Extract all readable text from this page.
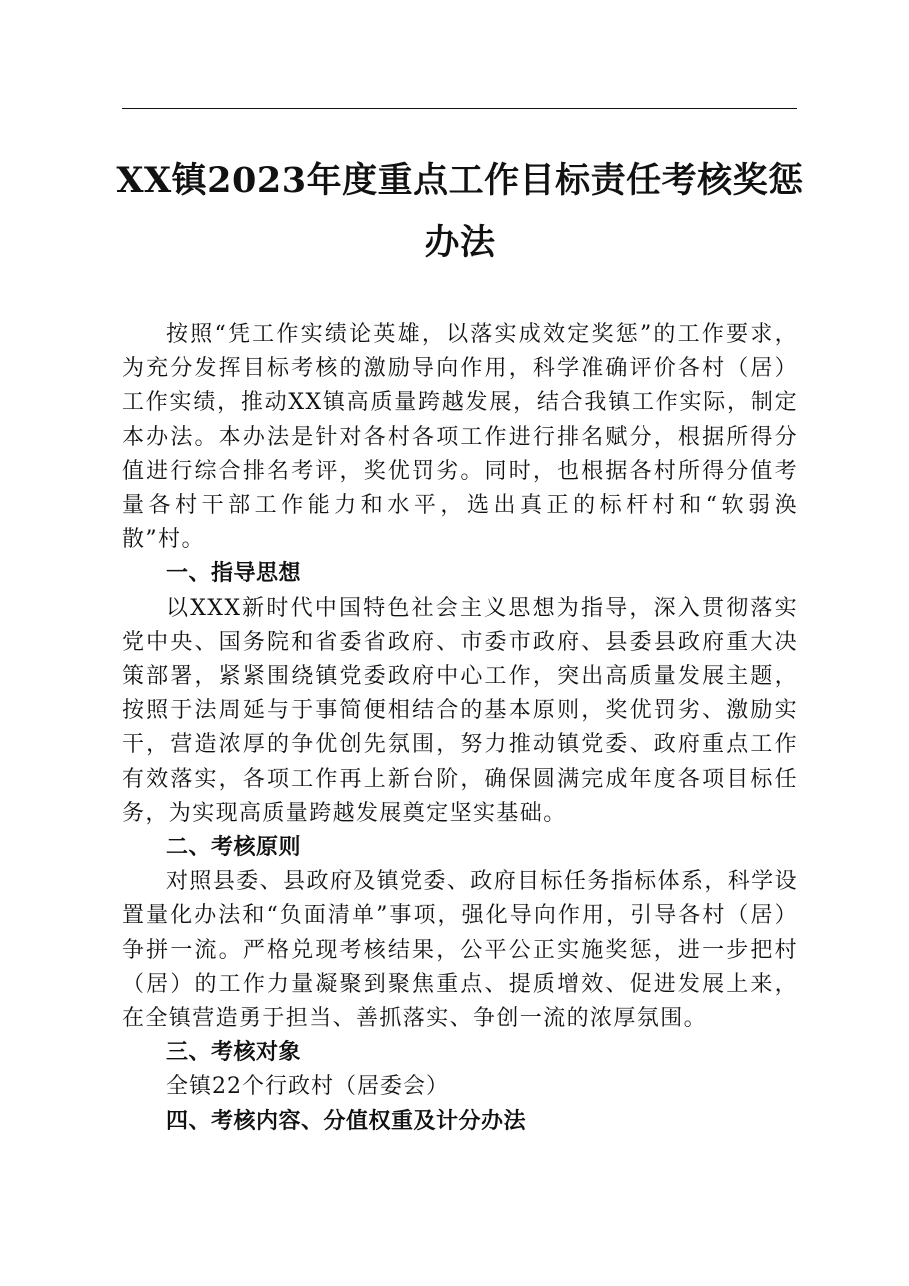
XX镇2023年度重点工作目标责任考核奖惩办法

按照“凭工作实绩论英雄，以落实成效定奖惩”的工作要求，为充分发挥目标考核的激励导向作用，科学准确评价各村（居）工作实绩，推动XX镇高质量跨越发展，结合我镇工作实际，制定本办法。本办法是针对各村各项工作进行排名赋分，根据所得分值进行综合排名考评，奖优罚劣。同时，也根据各村所得分值考量各村干部工作能力和水平，选出真正的标杆村和“软弱涣散”村。

一、指导思想

以XXX新时代中国特色社会主义思想为指导，深入贯彻落实党中央、国务院和省委省政府、市委市政府、县委县政府重大决策部署，紧紧围绕镇党委政府中心工作，突出高质量发展主题，按照于法周延与于事简便相结合的基本原则，奖优罚劣、激励实干，营造浓厚的争优创先氛围，努力推动镇党委、政府重点工作有效落实，各项工作再上新台阶，确保圆满完成年度各项目标任务，为实现高质量跨越发展奠定坚实基础。

二、考核原则

对照县委、县政府及镇党委、政府目标任务指标体系，科学设置量化办法和“负面清单”事项，强化导向作用，引导各村（居）争拼一流。严格兑现考核结果，公平公正实施奖惩，进一步把村（居）的工作力量凝聚到聚焦重点、提质增效、促进发展上来，在全镇营造勇于担当、善抓落实、争创一流的浓厚氛围。

三、考核对象

全镇22个行政村（居委会）

四、考核内容、分值权重及计分办法
